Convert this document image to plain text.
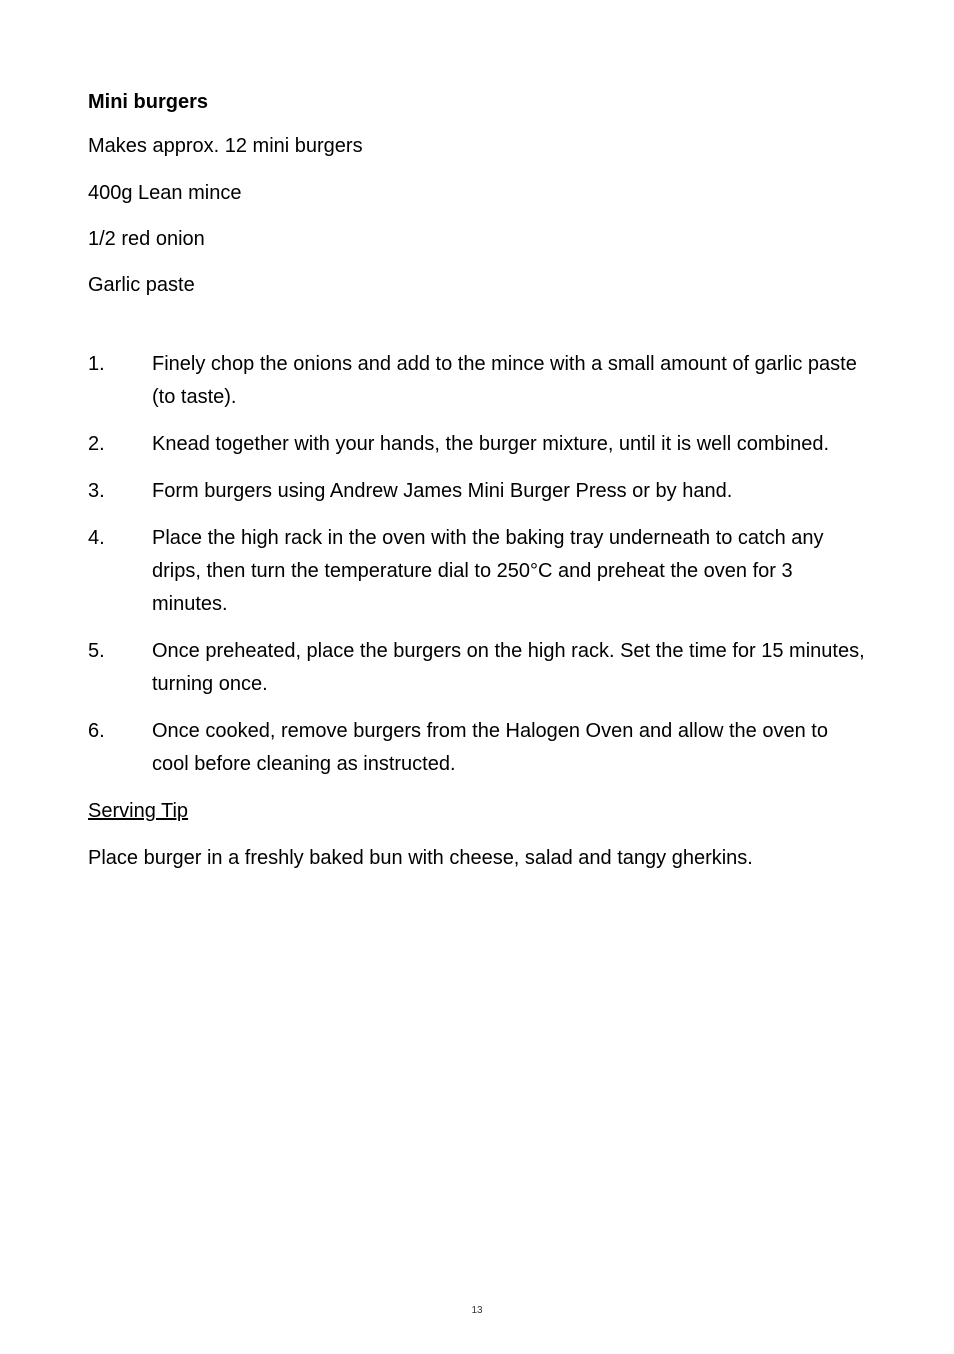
Mini burgers
Makes approx. 12 mini burgers
400g Lean mince
1/2 red onion
Garlic paste
1.	Finely chop the onions and add to the mince with a small amount of garlic paste (to taste).
2.	Knead together with your hands, the burger mixture, until it is well combined.
3.	Form burgers using Andrew James Mini Burger Press or by hand.
4.	Place the high rack in the oven with the baking tray underneath to catch any drips, then turn the temperature dial to 250°C and preheat the oven for 3 minutes.
5.	Once preheated, place the burgers on the high rack. Set the time for 15 minutes, turning once.
6.	Once cooked, remove burgers from the Halogen Oven and allow the oven to cool before cleaning as instructed.
Serving Tip
Place burger in a freshly baked bun with cheese, salad and tangy gherkins.
13
